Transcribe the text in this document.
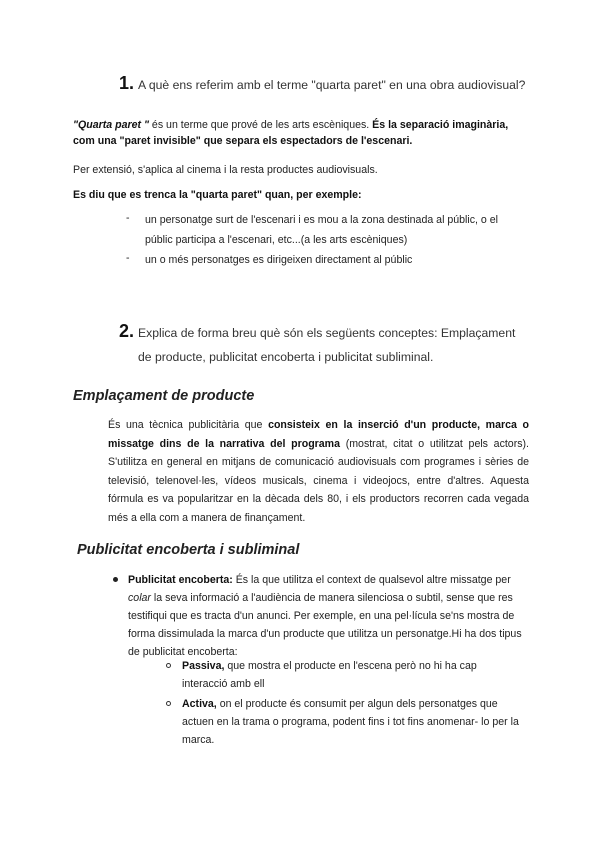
1. A què ens referim amb el terme "quarta paret" en una obra audiovisual?
"Quarta paret " és un terme que prové de les arts escèniques. És la separació imaginària, com una "paret invisible" que separa els espectadors de l'escenari.
Per extensió, s'aplica al cinema i la resta productes audiovisuals.
Es diu que es trenca la "quarta paret" quan, per exemple:
- un personatge surt de l'escenari i es mou a la zona destinada al públic, o el
públic participa a l'escenari, etc...(a les arts escèniques)
- un o més personatges es dirigeixen directament al públic
2. Explica de forma breu què són els següents conceptes: Emplaçament
de producte, publicitat encoberta i publicitat subliminal.
Emplaçament de producte
És una tècnica publicitària que consisteix en la inserció d'un producte, marca o missatge dins de la narrativa del programa (mostrat, citat o utilitzat pels actors). S'utilitza en general en mitjans de comunicació audiovisuals com programes i sèries de televisió, telenovel·les, vídeos musicals, cinema i videojocs, entre d'altres. Aquesta fórmula es va popularitzar en la dècada dels 80, i els productors recorren cada vegada més a ella com a manera de finançament.
Publicitat encoberta i subliminal
Publicitat encoberta: És la que utilitza el context de qualsevol altre missatge per colar la seva informació a l'audiència de manera silenciosa o subtil, sense que res testifiqui que es tracta d'un anunci. Per exemple, en una pel·lícula se'ns mostra de forma dissimulada la marca d'un producte que utilitza un personatge.Hi ha dos tipus de publicitat encoberta:
Passiva, que mostra el producte en l'escena però no hi ha cap interacció amb ell
Activa, on el producte és consumit per algun dels personatges que actuen en la trama o programa, podent fins i tot fins anomenar- lo per la marca.
